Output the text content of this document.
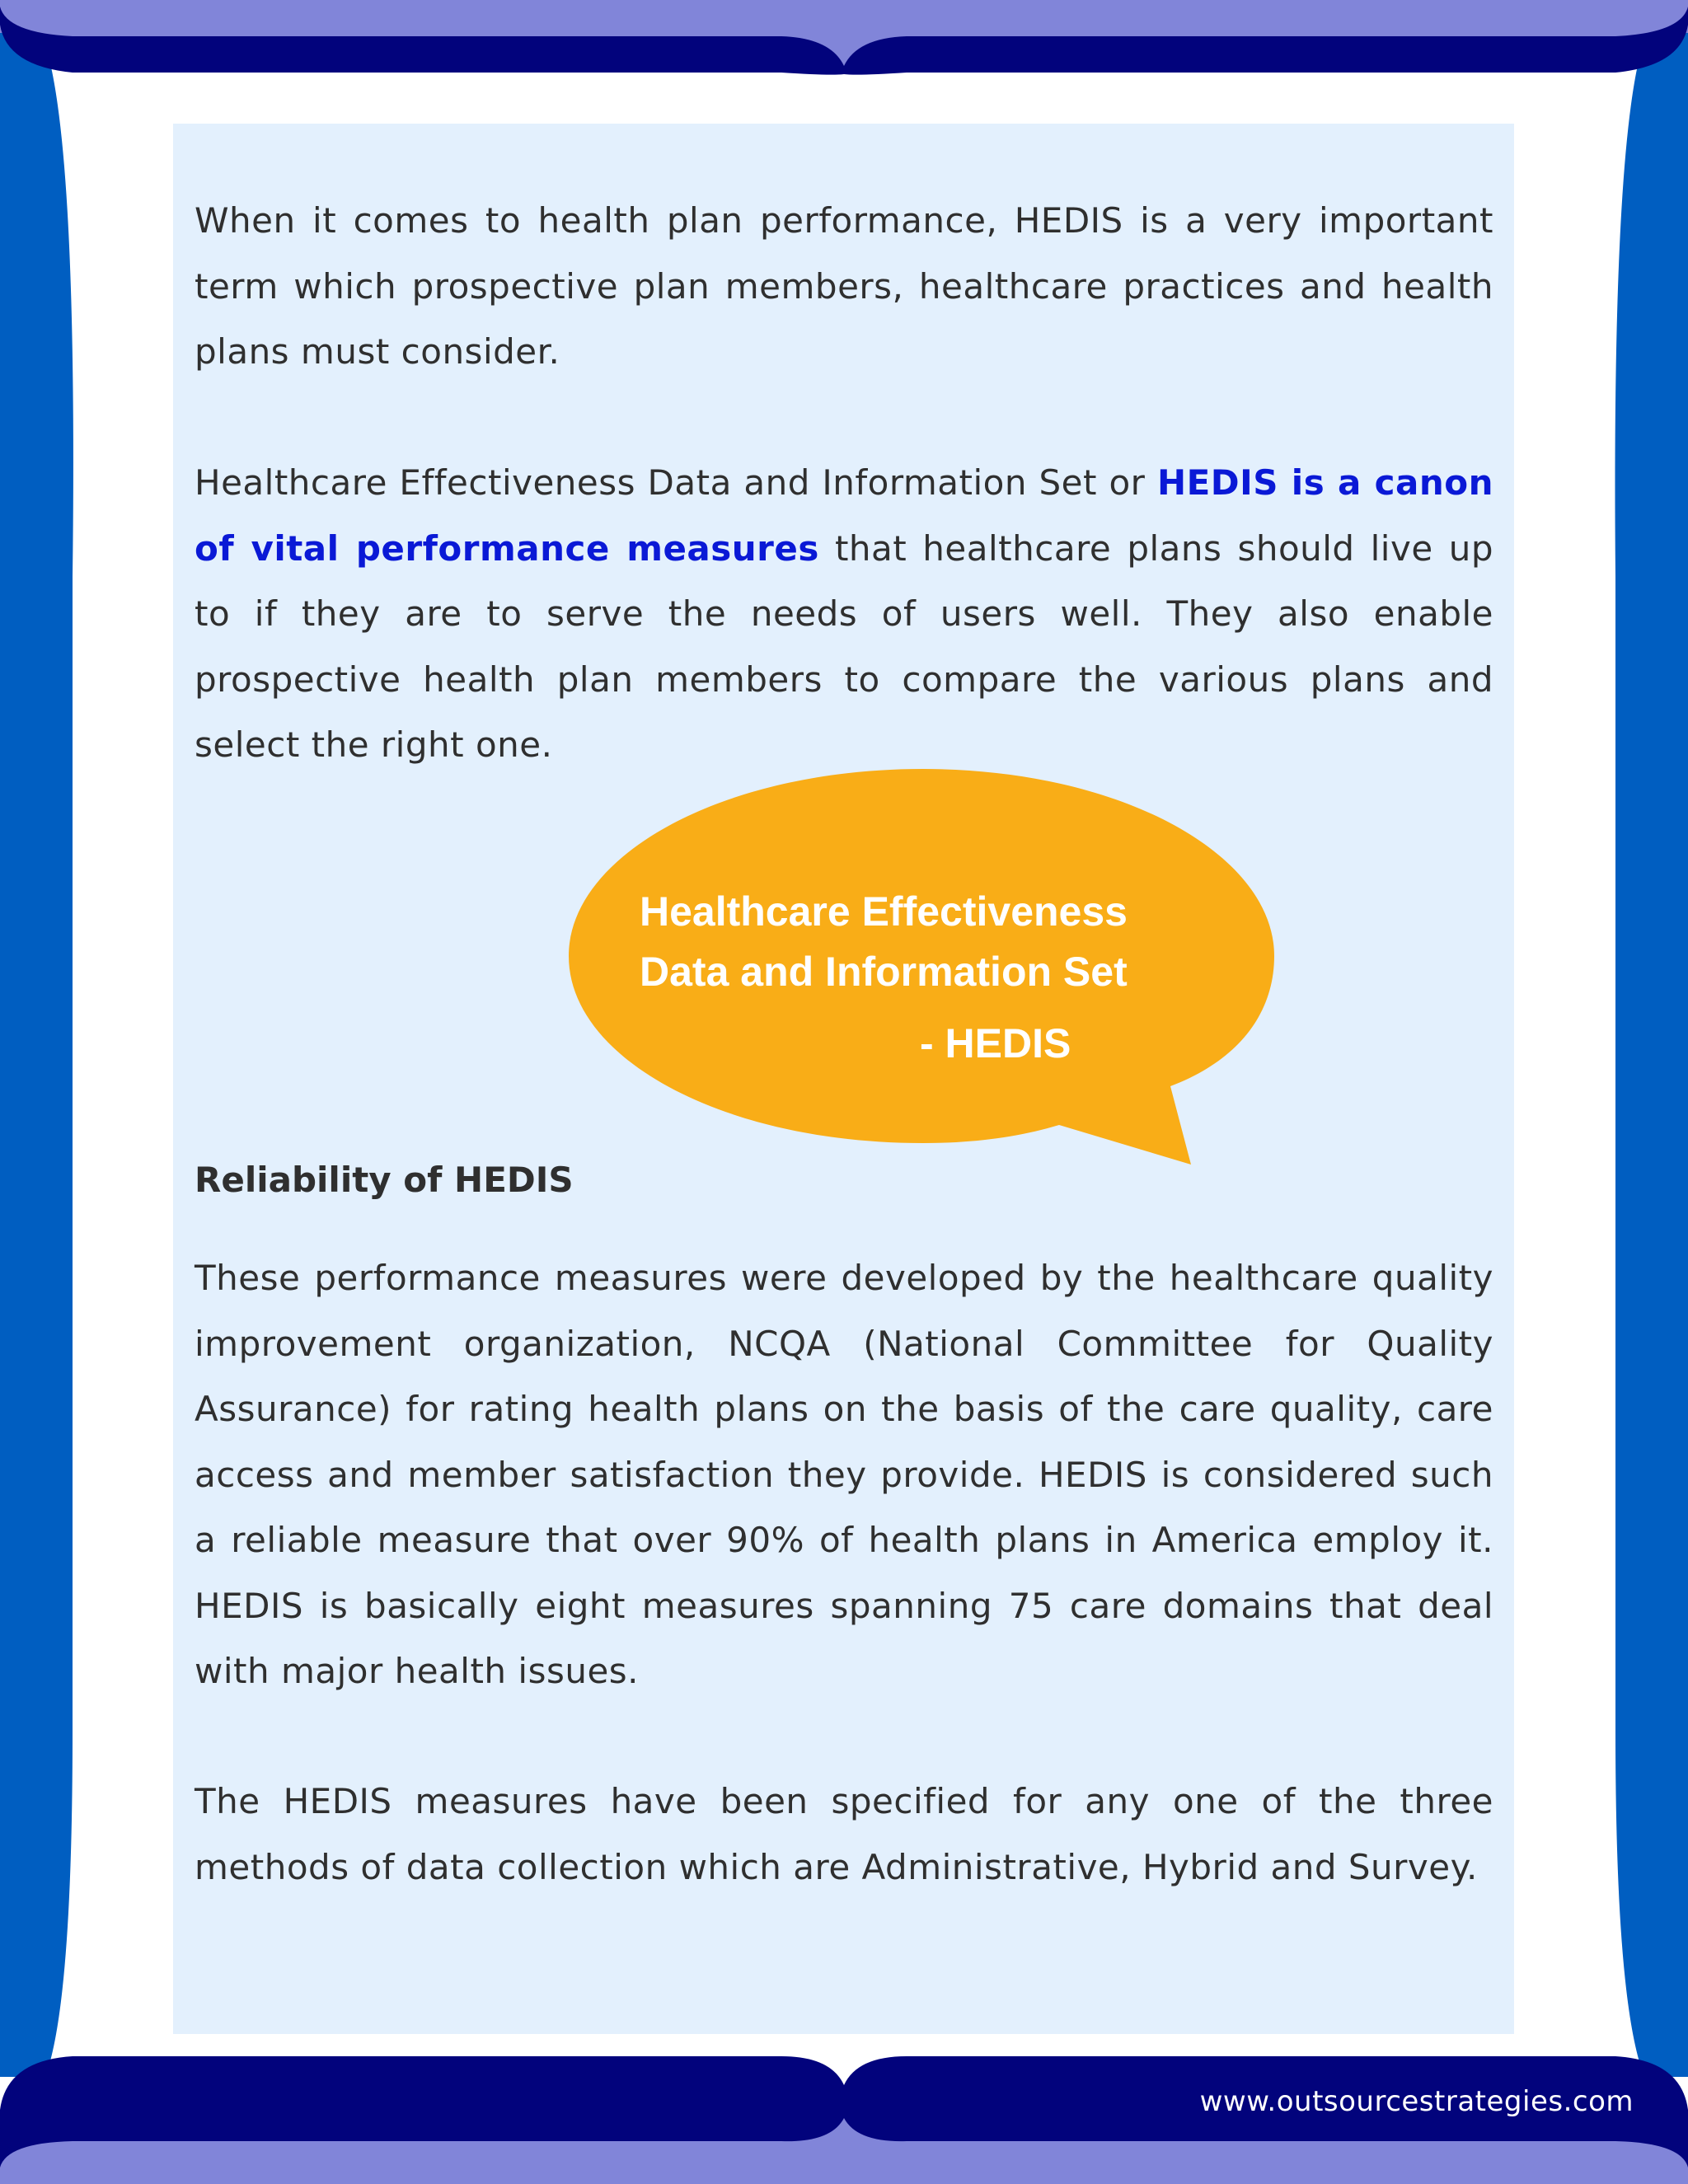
When it comes to health plan performance, HEDIS is a very important term which prospective plan members, healthcare practices and health plans must consider.

Healthcare Effectiveness Data and Information Set or HEDIS is a canon of vital performance measures that healthcare plans should live up to if they are to serve the needs of users well. They also enable prospective health plan members to compare the various plans and select the right one.

Healthcare Effectiveness
Data and Information Set
- HEDIS
Reliability of HEDIS

These performance measures were developed by the healthcare quality improvement organization, NCQA (National Committee for Quality Assurance) for rating health plans on the basis of the care quality, care access and member satisfaction they provide. HEDIS is considered such a reliable measure that over 90% of health plans in America employ it. HEDIS is basically eight measures spanning 75 care domains that deal with major health issues.

The HEDIS measures have been specified for any one of the three methods of data collection which are Administrative, Hybrid and Survey.

www.outsourcestrategies.com
